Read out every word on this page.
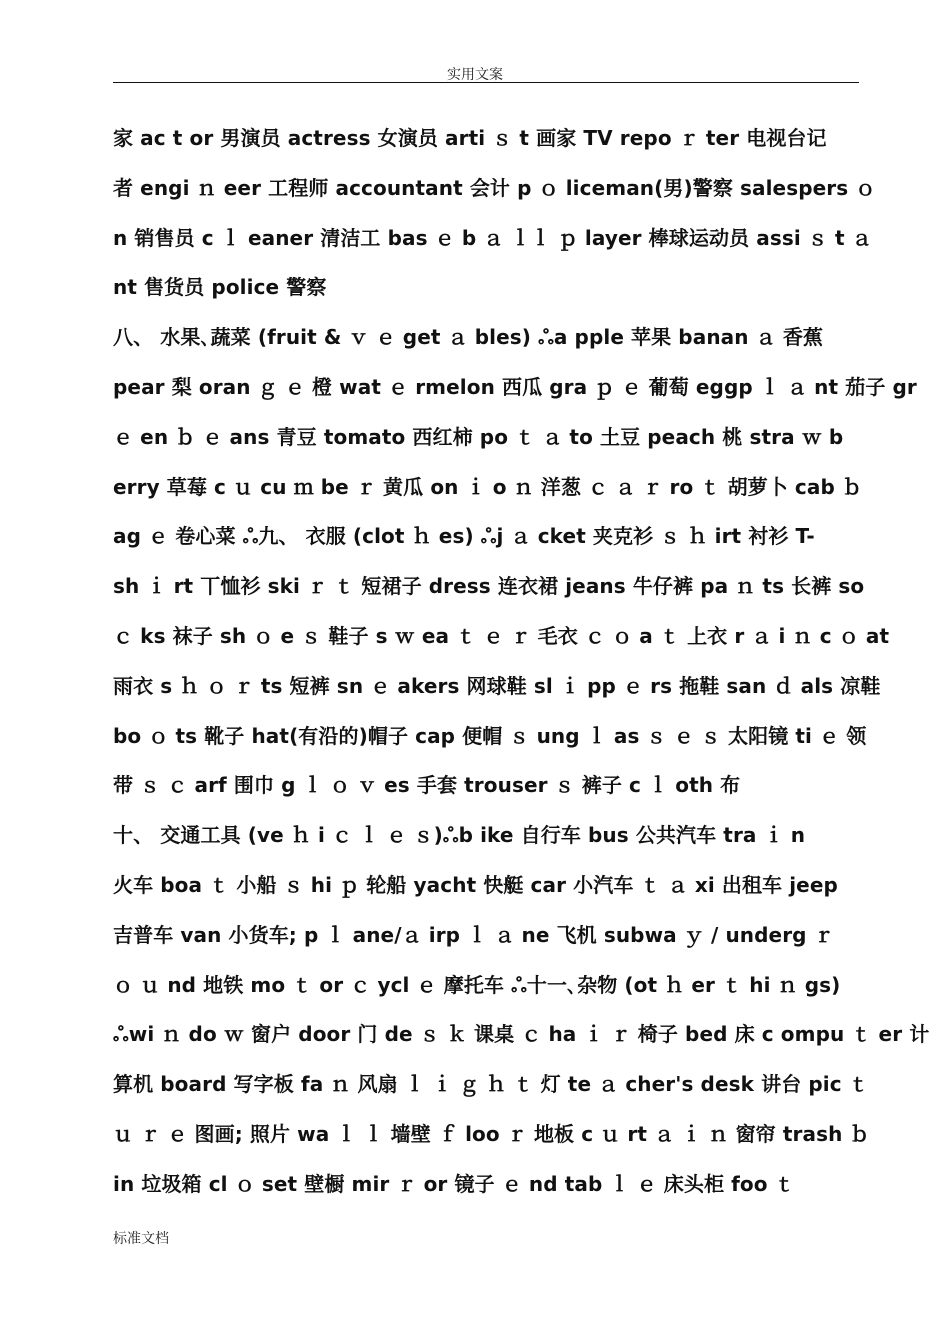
实用文案
家 ac t or 男演员 actress 女演员 arti ｓ t 画家 TV repo ｒ ter 电视台记
者 engi ｎ eer 工程师 accountant 会计 p ｏ liceman(男)警察 salespers ｏ
n 销售员 c ｌ eaner 清洁工 bas ｅ b ａ ｌｌ ｐ layer 棒球运动员 assi ｓ t ａ
nt 售货员 police 警察
八、 水果､蔬菜 (fruit & ｖ ｅ get ａ bles) ஃa pple 苹果 banan ａ 香蕉
pear 梨 oran ｇ ｅ 橙 wat ｅ rmelon 西瓜 gra ｐ ｅ 葡萄 eggp ｌ ａ nt 茄子 gr
ｅ en ｂ ｅ ans 青豆 tomato 西红柿 po ｔ ａ to 土豆 peach 桃 stra ｗ b
erry 草莓 c ｕ cu ｍ be ｒ 黄瓜 on ｉ o ｎ 洋葱 ｃ ａ ｒ ro ｔ 胡萝卜 cab ｂ
ag ｅ 卷心菜 ஃ九、 衣服 (clot ｈ es) ஃj ａ cket 夹克衫 ｓ ｈ irt 衬衫 T-
sh ｉ rt 丅恤衫 ski ｒ ｔ 短裙子 dress 连衣裙 jeans 牛仔裤 pa ｎ ts 长裤 so
ｃ ks 袜子 sh ｏ e ｓ 鞋子 s ｗ ea ｔ ｅ ｒ 毛衣 ｃ ｏ a ｔ 上衣 r ａ i ｎ c ｏ at
雨衣 s ｈ ｏ ｒ ts 短裤 sn ｅ akers 网球鞋 sl ｉ pp ｅ rs 拖鞋 san ｄ als 凉鞋
bo ｏ ts 靴子 hat(有沿的)帽子 cap 便帽 ｓ ung ｌ as ｓ ｅ ｓ 太阳镜 ti ｅ 领
带 ｓ ｃ arf 围巾 g ｌ ｏ ｖ es 手套 trouser ｓ 裤子 c ｌ oth 布
十、 交通工具 (ve ｈ i ｃ ｌ ｅ ｓ)ஃb ike 自行车 bus 公共汽车 tra ｉ n
火车 boa ｔ 小船 ｓ hi ｐ 轮船 yacht 快艇 car 小汽车 ｔ ａ xi 出租车 jeep
吉普车 van 小货车; p ｌ ane/ａ irp ｌ ａ ne 飞机 subwa ｙ / underg ｒ
ｏ ｕ nd 地铁 mo ｔ or ｃ ycl ｅ 摩托车 ஃ十一､杂物 (ot ｈ er ｔ hi ｎ gs)
ஃwi ｎ do ｗ 窗户 door 门 de ｓ ｋ 课桌 ｃ ha ｉ ｒ 椅子 bed 床 c ompu ｔ er 计
算机 board 写字板 fa ｎ 风扇 ｌ ｉ ｇ ｈ ｔ 灯 te ａ cher's desk 讲台 pic ｔ
ｕ ｒ ｅ 图画; 照片 wa ｌ ｌ 墙壁 ｆ loo ｒ 地板 c ｕ rt ａ ｉ ｎ 窗帘 trash ｂ
in 垃圾箱 cl ｏ set 壁橱 mir ｒ or 镜子 ｅ nd tab ｌ ｅ 床头柜 foo ｔ
标准文档
